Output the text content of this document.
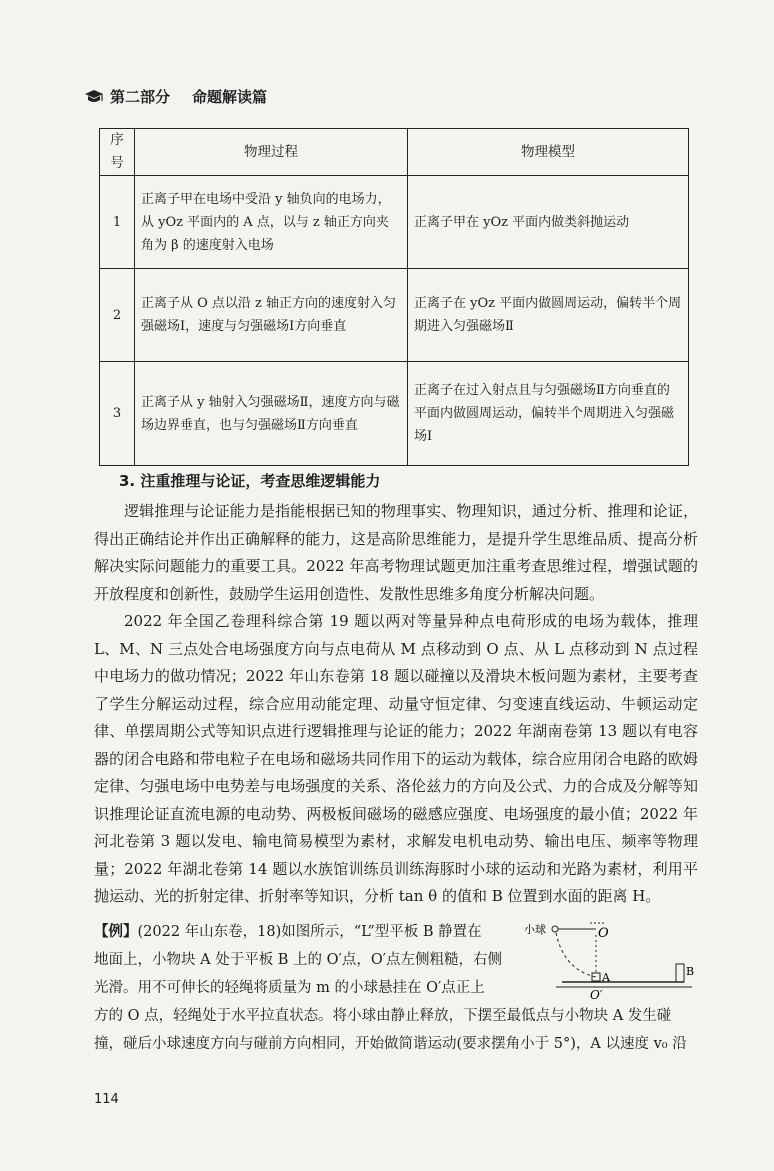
第二部分 命题解读篇
序号	物理过程	物理模型
1	正离子甲在电场中受沿 y 轴负向的电场力，从 yOz 平面内的 A 点，以与 z 轴正方向夹角为 β 的速度射入电场	正离子甲在 yOz 平面内做类斜抛运动
2	正离子从 O 点以沿 z 轴正方向的速度射入匀强磁场Ⅰ，速度与匀强磁场Ⅰ方向垂直	正离子在 yOz 平面内做圆周运动，偏转半个周期进入匀强磁场Ⅱ
3	正离子从 y 轴射入匀强磁场Ⅱ，速度方向与磁场边界垂直，也与匀强磁场Ⅱ方向垂直	正离子在过入射点且与匀强磁场Ⅱ方向垂直的平面内做圆周运动，偏转半个周期进入匀强磁场Ⅰ
3. 注重推理与论证，考查思维逻辑能力

逻辑推理与论证能力是指能根据已知的物理事实、物理知识，通过分析、推理和论证，得出正确结论并作出正确解释的能力，这是高阶思维能力，是提升学生思维品质、提高分析解决实际问题能力的重要工具。2022 年高考物理试题更加注重考查思维过程，增强试题的开放程度和创新性，鼓励学生运用创造性、发散性思维多角度分析解决问题。

2022 年全国乙卷理科综合第 19 题以两对等量异种点电荷形成的电场为载体，推理 L、M、N 三点处合电场强度方向与点电荷从 M 点移动到 O 点、从 L 点移动到 N 点过程中电场力的做功情况；2022 年山东卷第 18 题以碰撞以及滑块木板问题为素材，主要考查了学生分解运动过程，综合应用动能定理、动量守恒定律、匀变速直线运动、牛顿运动定律、单摆周期公式等知识点进行逻辑推理与论证的能力；2022 年湖南卷第 13 题以有电容器的闭合电路和带电粒子在电场和磁场共同作用下的运动为载体，综合应用闭合电路的欧姆定律、匀强电场中电势差与电场强度的关系、洛伦兹力的方向及公式、力的合成及分解等知识推理论证直流电源的电动势、两极板间磁场的磁感应强度、电场强度的最小值；2022 年河北卷第 3 题以发电、输电简易模型为素材，求解发电机电动势、输出电压、频率等物理量；2022 年湖北卷第 14 题以水族馆训练员训练海豚时小球的运动和光路为素材，利用平抛运动、光的折射定律、折射率等知识，分析 tan θ 的值和 B 位置到水面的距离 H。

【例】(2022 年山东卷，18)如图所示，“L”型平板 B 静置在
地面上，小物块 A 处于平板 B 上的 O′点，O′点左侧粗糙，右侧
光滑。用不可伸长的轻绳将质量为 m 的小球悬挂在 O′点正上
方的 O 点，轻绳处于水平拉直状态。将小球由静止释放，下摆至最低点与小物块 A 发生碰撞，碰后小球速度方向与碰前方向相同，开始做简谐运动(要求摆角小于 5°)，A 以速度 v₀ 沿
小球	O
A	B
O′
114
